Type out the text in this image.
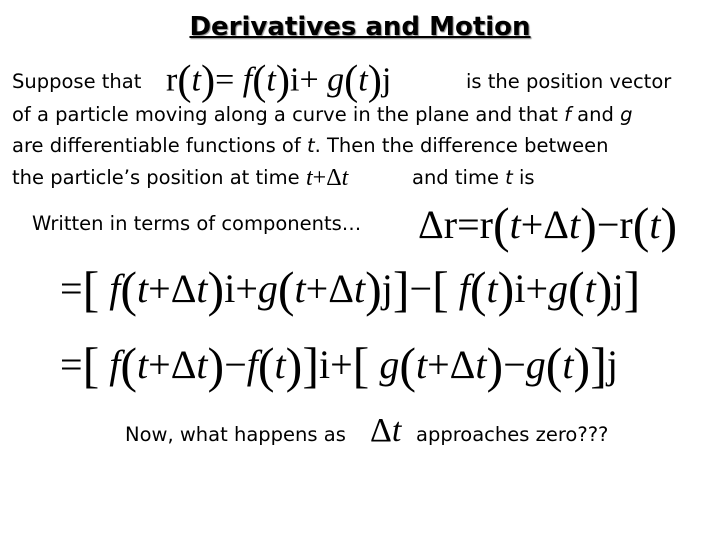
Derivatives and Motion
Suppose that r(t)= f(t)i+ g(t)j	is the position vector
of a particle moving along a curve in the plane and that f and g
are differentiable functions of t. Then the difference between
the particle’s position at time t+Δt	and time t is
Written in terms of components… Δr=r(t+Δt)−r(t)
=[ f(t+Δt)i+g(t+Δt)j]−[ f(t)i+g(t)j]
=[ f(t+Δt)−f(t)]i+[ g(t+Δt)−g(t)]j
Now, what happens as Δt approaches zero???
